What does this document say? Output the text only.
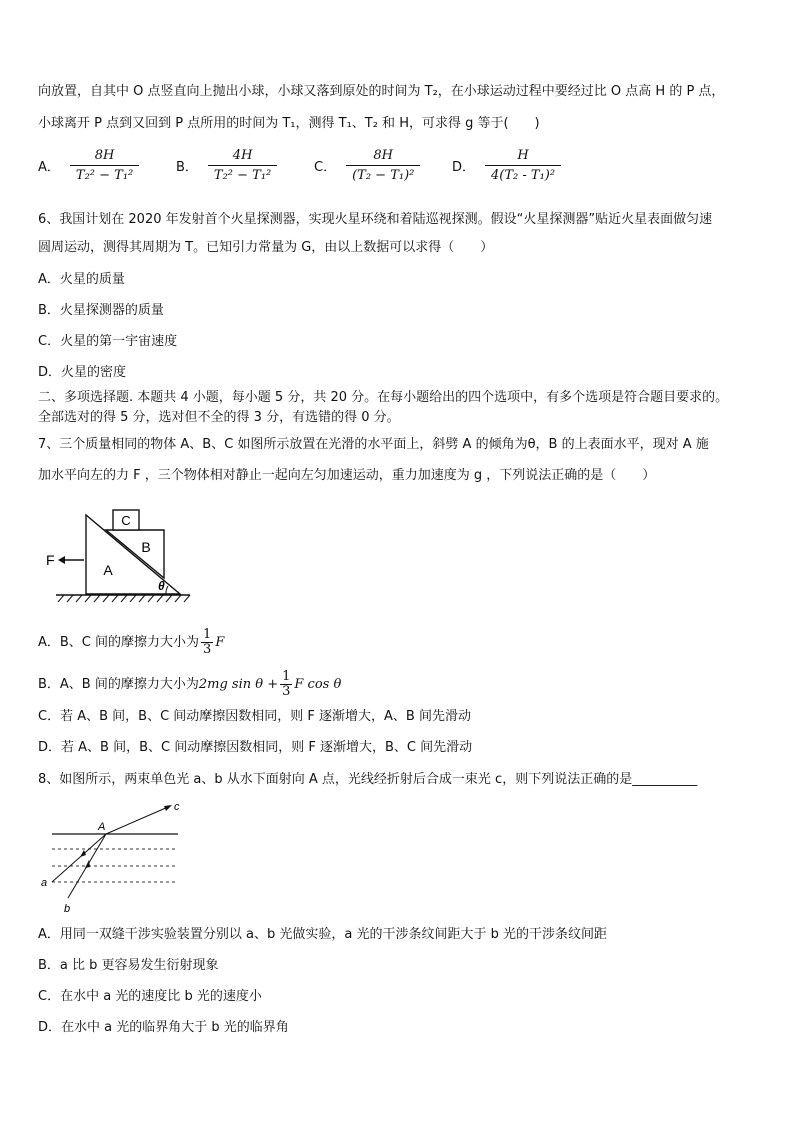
向放置，自其中 O 点竖直向上抛出小球，小球又落到原处的时间为 T₂，在小球运动过程中要经过比 O 点高 H 的 P 点，
小球离开 P 点到又回到 P 点所用的时间为 T₁，测得 T₁、T₂ 和 H，可求得 g 等于(　　)
A． $\frac{8H}{\text{T₂² − T₁²}}$	B． $\frac{4H}{\text{T₂² − T₁²}}$	C． $\frac{8H}{\text{(T₂ − T₁)²}}$ D． $\frac{H}{\text{4(T₂ - T₁)²}}$
6、我国计划在 2020 年发射首个火星探测器，实现火星环绕和着陆巡视探测。假设“火星探测器”贴近火星表面做匀速
圆周运动，测得其周期为 T。已知引力常量为 G，由以上数据可以求得（　　）
A．火星的质量
B．火星探测器的质量
C．火星的第一宇宙速度
D．火星的密度
二、多项选择题. 本题共 4 小题，每小题 5 分，共 20 分。在每小题给出的四个选项中，有多个选项是符合题目要求的。
全部选对的得 5 分，选对但不全的得 3 分，有选错的得 0 分。
7、三个质量相同的物体 A、B、C 如图所示放置在光滑的水平面上，斜劈 A 的倾角为θ，B 的上表面水平，现对 A 施
加水平向左的力 F ，三个物体相对静止一起向左匀加速运动，重力加速度为 g ，下列说法正确的是（　　）
C
B
A
θ
F
A．B、C 间的摩擦力大小为 $\frac{1}{3}$ F
B．A、B 间的摩擦力大小为2mg $\sin \theta + \frac{1}{3}$ F cos θ
C．若 A、B 间，B、C 间动摩擦因数相同，则 F 逐渐增大，A、B 间先滑动
D．若 A、B 间，B、C 间动摩擦因数相同，则 F 逐渐增大，B、C 间先滑动
8、如图所示，两束单色光 a、b 从水下面射向 A 点，光线经折射后合成一束光 c，则下列说法正确的是__________
A
a
b
c
A．用同一双缝干涉实验装置分别以 a、b 光做实验，a 光的干涉条纹间距大于 b 光的干涉条纹间距
B．a 比 b 更容易发生衍射现象
C．在水中 a 光的速度比 b 光的速度小
D．在水中 a 光的临界角大于 b 光的临界角
